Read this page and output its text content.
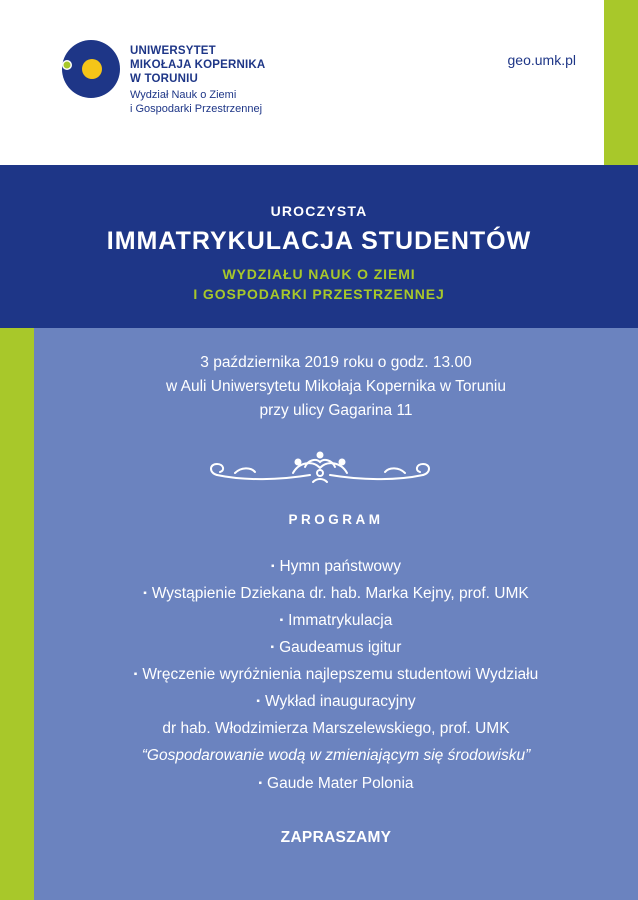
UNIWERSYTET
MIKOŁAJA KOPERNIKA
W TORUNIU
Wydział Nauk o Ziemi
i Gospodarki Przestrzennej
geo.umk.pl
UROCZYSTA
IMMATRYKULACJA STUDENTÓW
WYDZIAŁU NAUK O ZIEMI
I GOSPODARKI PRZESTRZENNEJ
3 października 2019 roku o godz. 13.00
w Auli Uniwersytetu Mikołaja Kopernika w Toruniu
przy ulicy Gagarina 11
PROGRAM
▪ Hymn państwowy
▪ Wystąpienie Dziekana dr. hab. Marka Kejny, prof. UMK
▪ Immatrykulacja
▪ Gaudeamus igitur
▪ Wręczenie wyróżnienia najlepszemu studentowi Wydziału
▪ Wykład inauguracyjny
dr hab. Włodzimierza Marszelewskiego, prof. UMK
“Gospodarowanie wodą w zmieniającym się środowisku”
▪ Gaude Mater Polonia
ZAPRASZAMY
